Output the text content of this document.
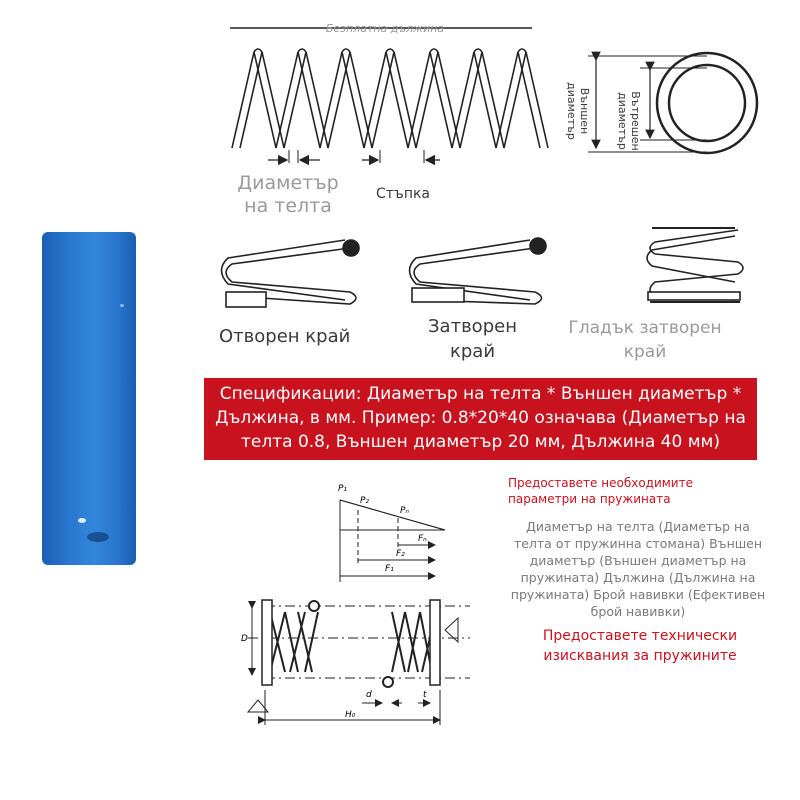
Безплатна дължина
Диаметър
на телта
Стъпка
Външен диаметър	Вътрешен диаметър
Отворен край	Затворен
край
Гладък затворен
край
Спецификации: Диаметър на телта * Външен диаметър * Дължина, в мм. Пример: 0.8*20*40 означава (Диаметър на телта 0.8, Външен диаметър 20 мм, Дължина 40 мм)
Предоставете необходимите параметри на пружината
Диаметър на телта (Диаметър на телта от пружинна стомана) Външен диаметър (Външен диаметър на пружината) Дължина (Дължина на пружината) Брой навивки (Ефективен брой навивки)
Предоставете технически изисквания за пружините
P₁
P₂
Pₙ
Fₙ
F₂
F₁
D
d	t
H₀
